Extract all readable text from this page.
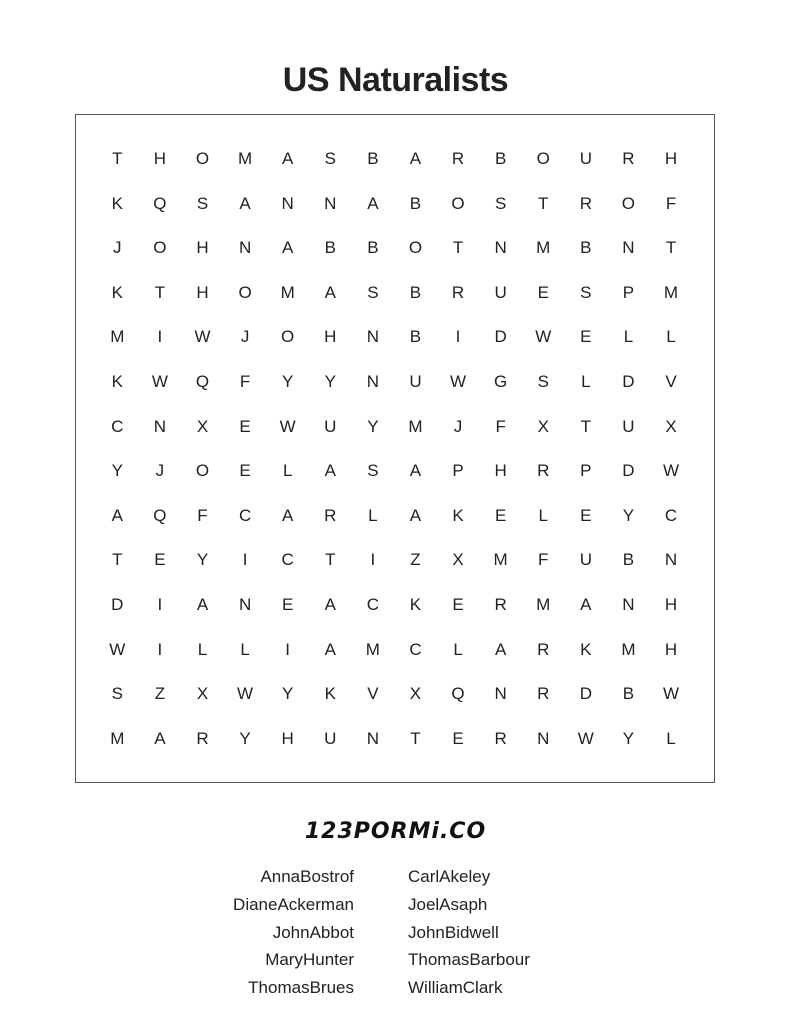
US Naturalists
T	H	O	M	A	S	B	A	R	B	O	U	R	H
K	Q	S	A	N	N	A	B	O	S	T	R	O	F
J	O	H	N	A	B	B	O	T	N	M	B	N	T
K	T	H	O	M	A	S	B	R	U	E	S	P	M
M	I	W	J	O	H	N	B	I	D	W	E	L	L
K	W	Q	F	Y	Y	N	U	W	G	S	L	D	V
C	N	X	E	W	U	Y	M	J	F	X	T	U	X
Y	J	O	E	L	A	S	A	P	H	R	P	D	W
A	Q	F	C	A	R	L	A	K	E	L	E	Y	C
T	E	Y	I	C	T	I	Z	X	M	F	U	B	N
D	I	A	N	E	A	C	K	E	R	M	A	N	H
W	I	L	L	I	A	M	C	L	A	R	K	M	H
S	Z	X	W	Y	K	V	X	Q	N	R	D	B	W
M	A	R	Y	H	U	N	T	E	R	N	W	Y	L
123PORMi.CO
AnnaBostrof
DianeAckerman
JohnAbbot
MaryHunter
ThomasBrues
CarlAkeley
JoelAsaph
JohnBidwell
ThomasBarbour
WilliamClark
